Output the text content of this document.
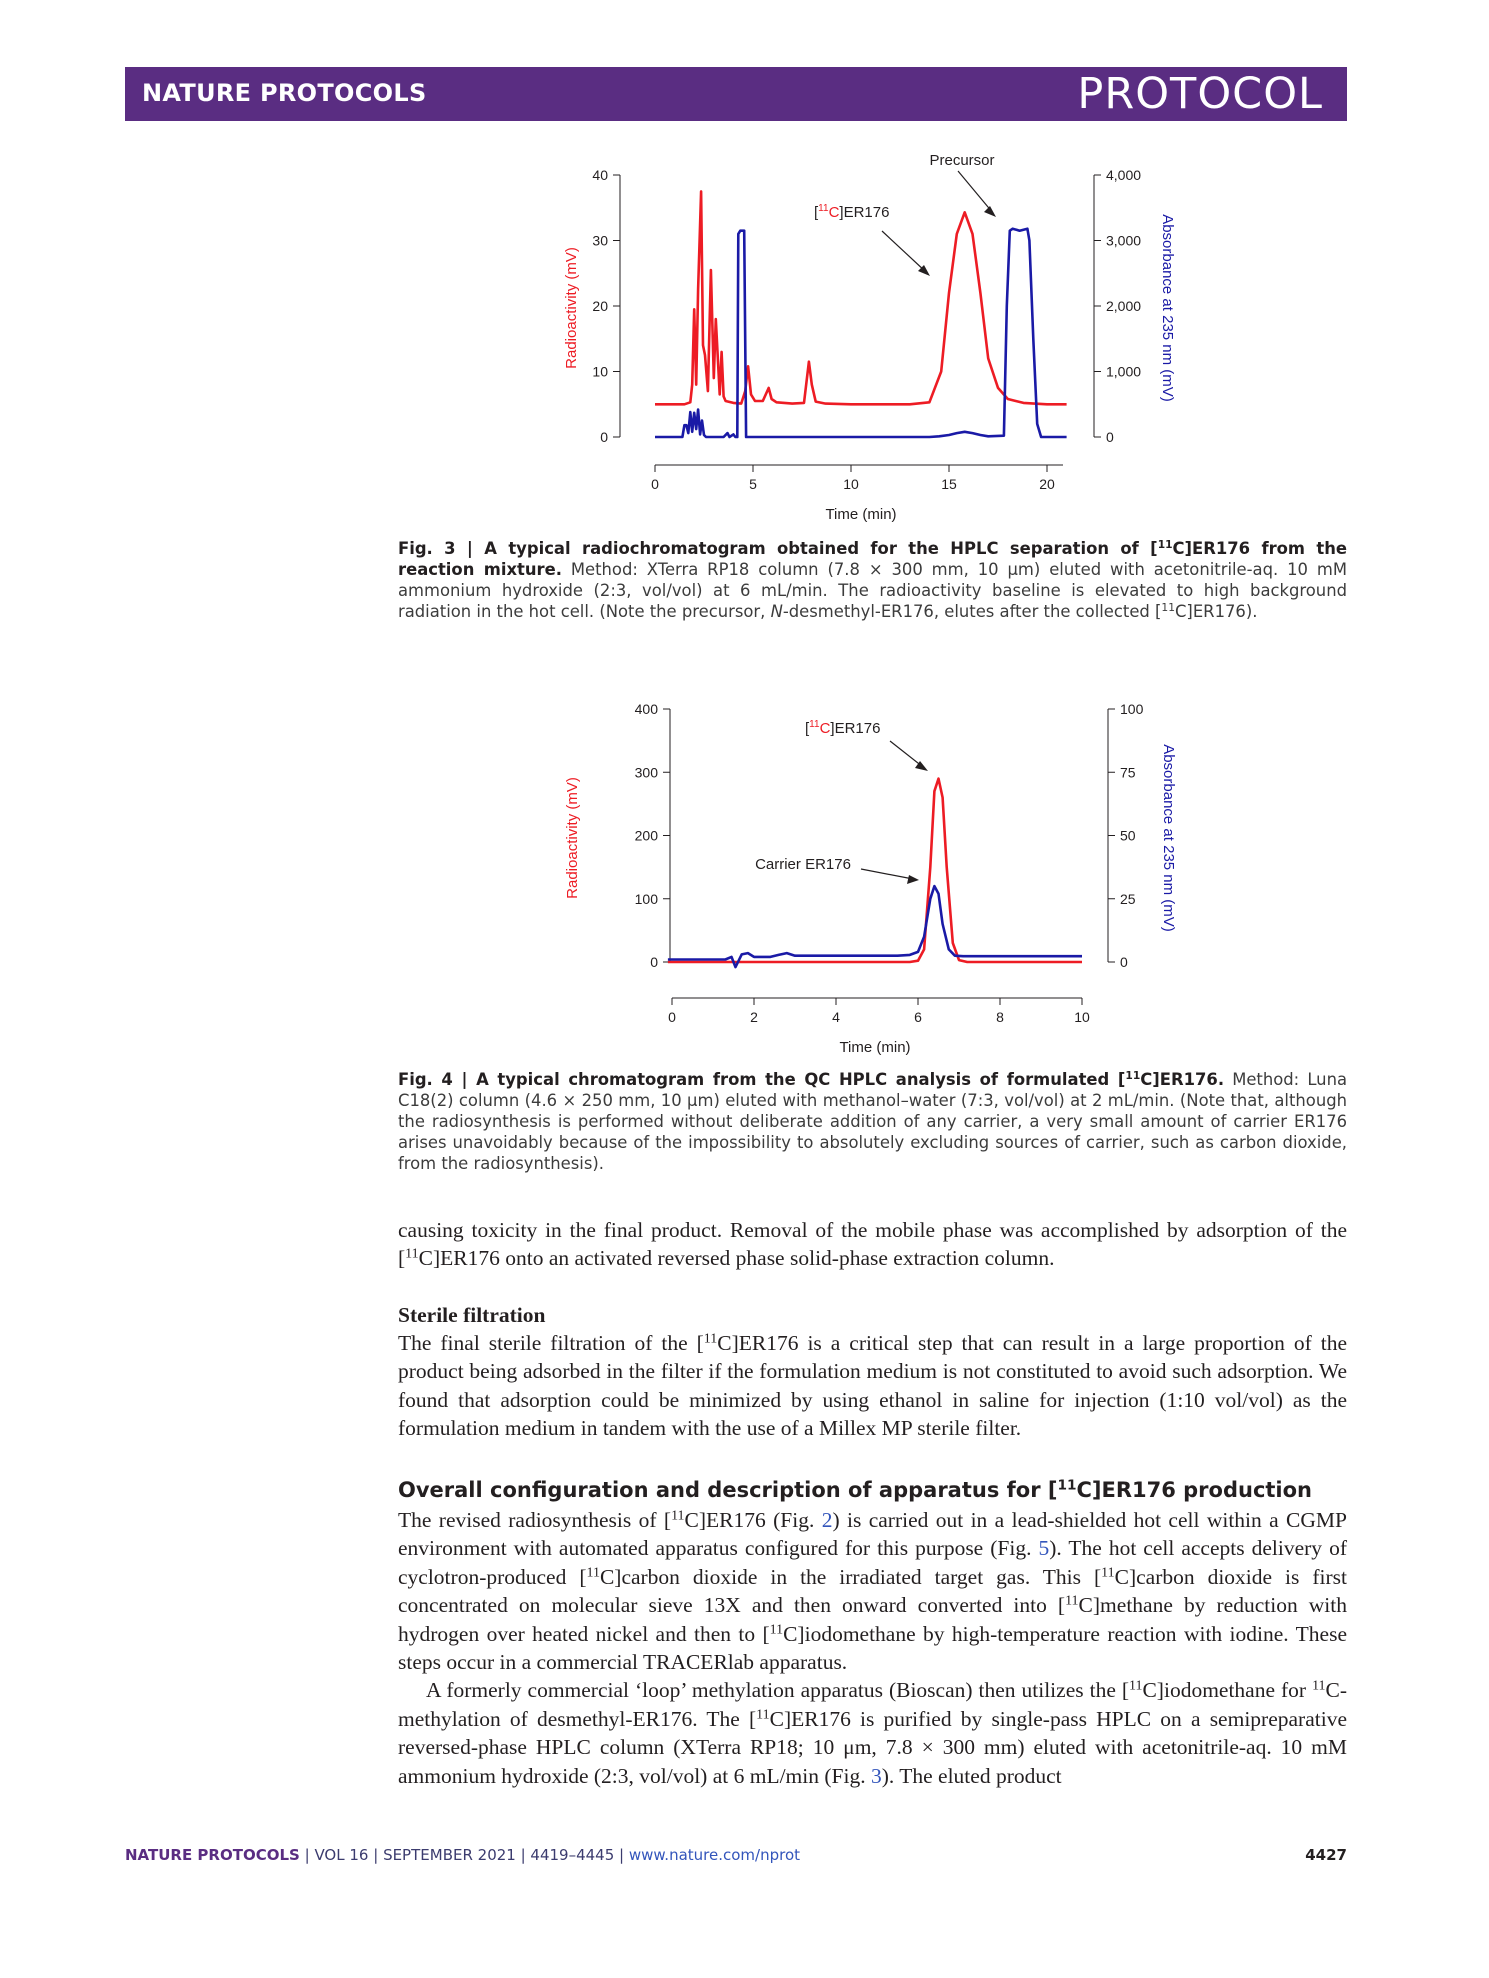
NATURE PROTOCOLS	PROTOCOL
0	5	10	15	20
0
10
20
30
40
0
1,000
2,000
3,000
4,000
Time (min)
Radioactivity (mV)	Absorbance at 235 nm (mV)
Precursor
[$^{11}$C]ER176
Fig. 3 | A typical radiochromatogram obtained for the HPLC separation of [$^{11}$C]ER176 from the reaction mixture. Method: XTerra RP18 column (7.8 × 300 mm, 10 μm) eluted with acetonitrile-aq. 10 mM ammonium hydroxide (2:3, vol/vol) at 6 mL/min. The radioactivity baseline is elevated to high background radiation in the hot cell. (Note the precursor, N-desmethyl-ER176, elutes after the collected [$^{11}$C]ER176).
0	2	4	6	8	10
0
100
200
300
400
0
25
50
75
100
Time (min)
Radioactivity (mV)	Absorbance at 235 nm (mV)
[$^{11}$C]ER176
Carrier ER176
Fig. 4 | A typical chromatogram from the QC HPLC analysis of formulated [$^{11}$C]ER176. Method: Luna C18(2) column (4.6 × 250 mm, 10 μm) eluted with methanol–water (7:3, vol/vol) at 2 mL/min. (Note that, although the radiosynthesis is performed without deliberate addition of any carrier, a very small amount of carrier ER176 arises unavoidably because of the impossibility to absolutely excluding sources of carrier, such as carbon dioxide, from the radiosynthesis).

causing toxicity in the final product. Removal of the mobile phase was accomplished by adsorption of the [$^{11}$C]ER176 onto an activated reversed phase solid-phase extraction column.

Sterile filtration

The final sterile filtration of the [$^{11}$C]ER176 is a critical step that can result in a large proportion of the product being adsorbed in the filter if the formulation medium is not constituted to avoid such adsorption. We found that adsorption could be minimized by using ethanol in saline for injection (1:10 vol/vol) as the formulation medium in tandem with the use of a Millex MP sterile filter.

Overall configuration and description of apparatus for [$^{11}$C]ER176 production

The revised radiosynthesis of [$^{11}$C]ER176 (Fig. 2) is carried out in a lead-shielded hot cell within a CGMP environment with automated apparatus configured for this purpose (Fig. 5). The hot cell accepts delivery of cyclotron-produced [$^{11}$C]carbon dioxide in the irradiated target gas. This [$^{11}$C]carbon dioxide is first concentrated on molecular sieve 13X and then onward converted into [$^{11}$C]methane by reduction with hydrogen over heated nickel and then to [$^{11}$C]iodomethane by high-temperature reaction with iodine. These steps occur in a commercial TRACERlab apparatus.

A formerly commercial ‘loop’ methylation apparatus (Bioscan) then utilizes the [$^{11}$C]iodomethane for $^{11}$C-methylation of desmethyl-ER176. The [$^{11}$C]ER176 is purified by single-pass HPLC on a semipreparative reversed-phase HPLC column (XTerra RP18; 10 μm, 7.8 × 300 mm) eluted with acetonitrile-aq. 10 mM ammonium hydroxide (2:3, vol/vol) at 6 mL/min (Fig. 3). The eluted product

NATURE PROTOCOLS | VOL 16 | SEPTEMBER 2021 | 4419–4445 | www.nature.com/nprot	4427
